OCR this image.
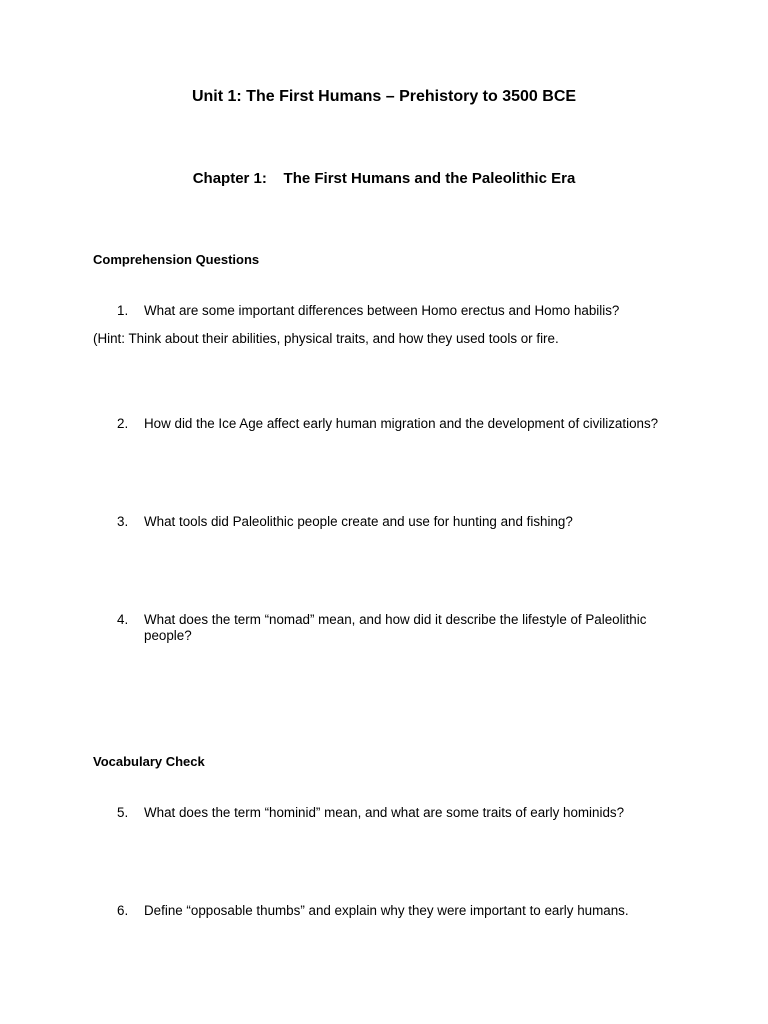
Unit 1: The First Humans – Prehistory to 3500 BCE
Chapter 1:    The First Humans and the Paleolithic Era
Comprehension Questions
1.	What are some important differences between Homo erectus and Homo habilis?
(Hint: Think about their abilities, physical traits, and how they used tools or fire.
2.	How did the Ice Age affect early human migration and the development of civilizations?
3.	What tools did Paleolithic people create and use for hunting and fishing?
4.	What does the term “nomad” mean, and how did it describe the lifestyle of Paleolithic people?
Vocabulary Check
5.	What does the term “hominid” mean, and what are some traits of early hominids?
6.	Define “opposable thumbs” and explain why they were important to early humans.
